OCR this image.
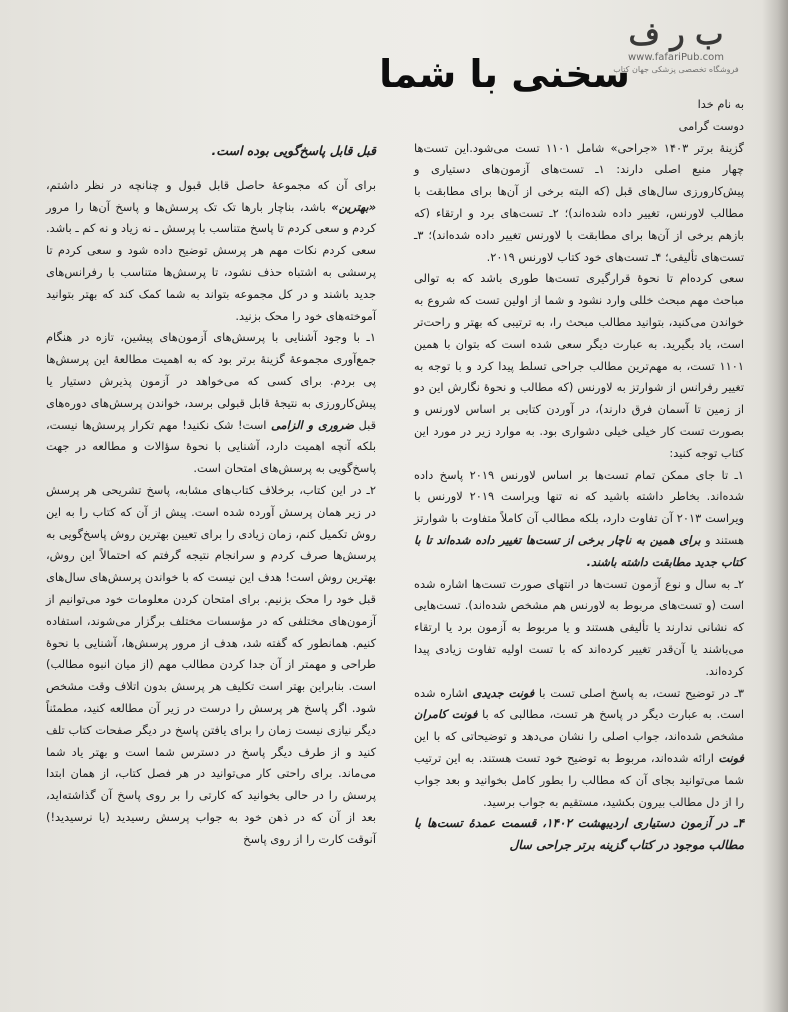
ب ر ف
www.fafariPub.com
فروشگاه تخصصی پزشکی جهان کتاب
سخنی با شما

به نام خدا

دوست گرامی

گزینۀ برتر ۱۴۰۳ «جراحی» شامل ۱۱۰۱ تست می‌شود.این تست‌ها چهار منبع اصلی دارند: ۱ـ تست‌های آزمون‌های دستیاری و پیش‌کارورزی سال‌های قبل (که البته برخی از آن‌ها برای مطابقت با مطالب لاورنس، تغییر داده شده‌اند)؛ ۲ـ تست‌های برد و ارتقاء (که بازهم برخی از آن‌ها برای مطابقت با لاورنس تغییر داده شده‌اند)؛ ۳ـ تست‌های تألیفی؛ ۴ـ تست‌های خود کتاب لاورنس ۲۰۱۹.

سعی کرده‌ام تا نحوۀ قرارگیری تست‌ها طوری باشد که به توالی مباحث مهم مبحث خللی وارد نشود و شما از اولین تست که شروع به خواندن می‌کنید، بتوانید مطالب مبحث را، به ترتیبی که بهتر و راحت‌تر است، یاد بگیرید. به عبارت دیگر سعی شده است که بتوان با همین ۱۱۰۱ تست، به مهم‌ترین مطالب جراحی تسلط پیدا کرد و با توجه به تغییر رفرانس از شوارتز به لاورنس (که مطالب و نحوۀ نگارش این دو از زمین تا آسمان فرق دارند)، در آوردن کتابی بر اساس لاورنس و بصورت تست کار خیلی خیلی دشواری بود. به موارد زیر در مورد این کتاب توجه کنید:

۱ـ تا جای ممکن تمام تست‌ها بر اساس لاورنس ۲۰۱۹ پاسخ داده شده‌اند. بخاطر داشته باشید که نه تنها ویراست ۲۰۱۹ لاورنس با ویراست ۲۰۱۳ آن تفاوت دارد، بلکه مطالب آن کاملاً متفاوت با شوارتز هستند و برای همین به ناچار برخی از تست‌ها تغییر داده شده‌اند تا با کتاب جدید مطابقت داشته باشند.

۲ـ به سال و نوع آزمون تست‌ها در انتهای صورت تست‌ها اشاره شده است (و تست‌های مربوط به لاورنس هم مشخص شده‌اند). تست‌هایی که نشانی ندارند یا تألیفی هستند و یا مربوط به آزمون برد یا ارتقاء می‌باشند یا آن‌قدر تغییر کرده‌اند که با تست اولیه تفاوت زیادی پیدا کرده‌اند.

۳ـ در توضیح تست، به پاسخ اصلی تست با فونت جدیدی اشاره شده است. به عبارت دیگر در پاسخ هر تست، مطالبی که با فونت کامران مشخص شده‌اند، جواب اصلی را نشان می‌دهد و توضیحاتی که با این فونت ارائه شده‌اند، مربوط به توضیح خود تست هستند. به این ترتیب شما می‌توانید بجای آن که مطالب را بطور کامل بخوانید و بعد جواب را از دل مطالب بیرون بکشید، مستقیم به جواب برسید.

۴ـ در آزمون دستیاری اردیبهشت ۱۴۰۲، قسمت عمدۀ تست‌ها با مطالب موجود در کتاب گزینه برتر جراحی سال

قبل قابل پاسخ‌گویی بوده است.

برای آن که مجموعۀ حاصل قابل قبول و چنانچه در نظر داشتم، «بهترین» باشد، بناچار بارها تک تک پرسش‌ها و پاسخ آن‌ها را مرور کردم و سعی کردم تا پاسخ متناسب با پرسش ـ نه زیاد و نه کم ـ باشد. سعی کردم نکات مهم هر پرسش توضیح داده شود و سعی کردم تا پرسشی به اشتباه حذف نشود، تا پرسش‌ها متناسب با رفرانس‌های جدید باشند و در کل مجموعه بتواند به شما کمک کند که بهتر بتوانید آموخته‌های خود را محک بزنید.

۱ـ با وجود آشنایی با پرسش‌های آزمون‌های پیشین، تازه در هنگام جمع‌آوری مجموعۀ گزینۀ برتر بود که به اهمیت مطالعۀ این پرسش‌ها پی بردم. برای کسی که می‌خواهد در آزمون پذیرش دستیار یا پیش‌کارورزی به نتیجۀ قابل قبولی برسد، خواندن پرسش‌های دوره‌های قبل ضروری و الزامی است! شک نکنید! مهم تکرار پرسش‌ها نیست، بلکه آنچه اهمیت دارد، آشنایی با نحوۀ سؤالات و مطالعه در جهت پاسخ‌گویی به پرسش‌های امتحان است.

۲ـ در این کتاب، برخلاف کتاب‌های مشابه، پاسخ تشریحی هر پرسش در زیر همان پرسش آورده شده است. پیش از آن که کتاب را به این روش تکمیل کنم، زمان زیادی را برای تعیین بهترین روش پاسخ‌گویی به پرسش‌ها صرف کردم و سرانجام نتیجه گرفتم که احتمالاً این روش، بهترین روش است! هدف این نیست که با خواندن پرسش‌های سال‌های قبل خود را محک بزنیم. برای امتحان کردن معلومات خود می‌توانیم از آزمون‌های مختلفی که در مؤسسات مختلف برگزار می‌شوند، استفاده کنیم. همانطور که گفته شد، هدف از مرور پرسش‌ها، آشنایی با نحوۀ طراحی و مهمتر از آن جدا کردن مطالب مهم (از میان انبوه مطالب) است. بنابراین بهتر است تکلیف هر پرسش بدون اتلاف وقت مشخص شود. اگر پاسخ هر پرسش را درست در زیر آن مطالعه کنید، مطمئناً دیگر نیازی نیست زمان را برای یافتن پاسخ در دیگر صفحات کتاب تلف کنید و از طرف دیگر پاسخ در دسترس شما است و بهتر یاد شما می‌ماند. برای راحتی کار می‌توانید در هر فصل کتاب، از همان ابتدا پرسش را در حالی بخوانید که کارتی را بر روی پاسخ آن گذاشته‌اید، بعد از آن که در ذهن خود به جواب پرسش رسیدید (یا نرسیدید!) آنوقت کارت را از روی پاسخ
